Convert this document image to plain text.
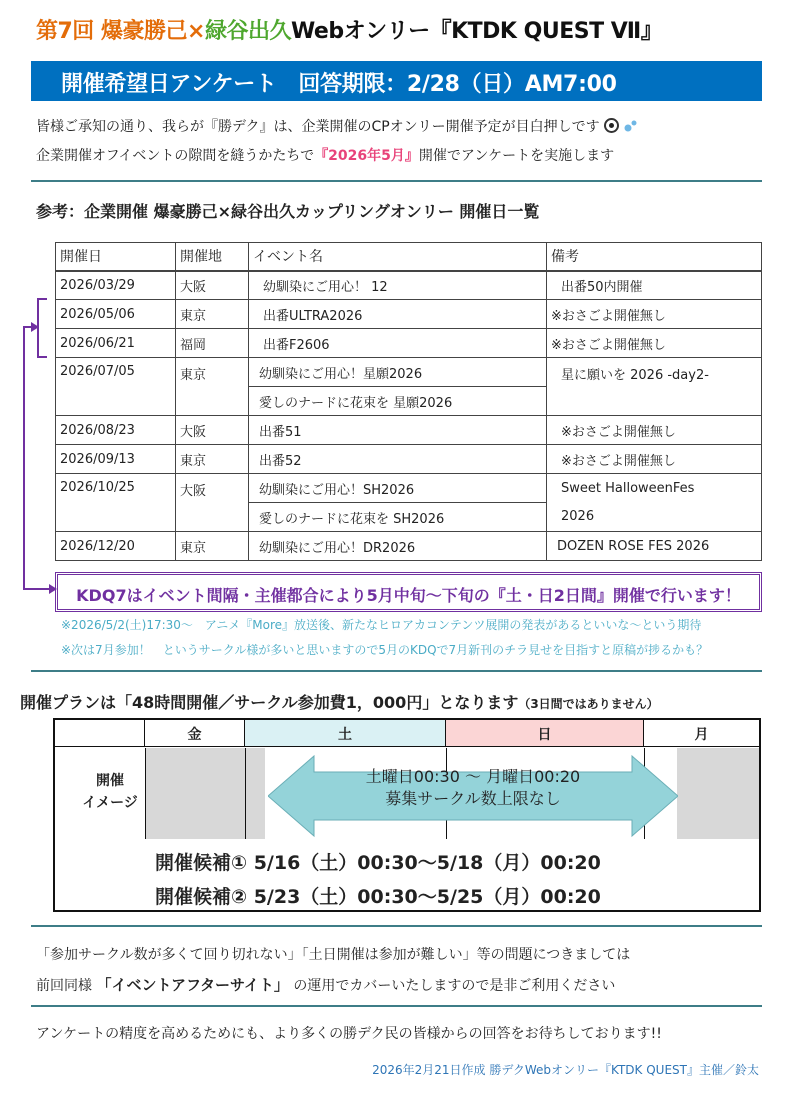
第7回 爆豪勝己×緑谷出久Webオンリー『KTDK QUEST Ⅶ』
開催希望日アンケート　回答期限：2/28（日）AM7:00
皆様ご承知の通り、我らが『勝デク』は、企業開催のCPオンリー開催予定が目白押しです
企業開催オフイベントの隙間を縫うかたちで『2026年5月』開催でアンケートを実施します
参考：企業開催 爆豪勝己×緑谷出久カップリングオンリー 開催日一覧
開催日	開催地	イベント名	備考
2026/03/29	大阪	幼馴染にご用心！ 12	出番50内開催
2026/05/06	東京	出番ULTRA2026	※おさごよ開催無し
2026/06/21	福岡	出番F2606	※おさごよ開催無し
2026/07/05	東京	幼馴染にご用心！星願2026	星に願いを 2026 -day2-
		愛しのナードに花束を 星願2026	
2026/08/23	大阪	出番51	※おさごよ開催無し
2026/09/13	東京	出番52	※おさごよ開催無し
2026/10/25	大阪	幼馴染にご用心！SH2026	Sweet HalloweenFes
		愛しのナードに花束を SH2026	2026
2026/12/20	東京	幼馴染にご用心！DR2026	DOZEN ROSE FES 2026
KDQ7はイベント間隔・主催都合により5月中旬～下旬の『土・日2日間』開催で行います！
※2026/5/2(土)17:30～　アニメ『More』放送後、新たなヒロアカコンテンツ展開の発表があるといいな～という期待
※次は7月参加！　というサークル様が多いと思いますので5月のKDQで7月新刊のチラ見せを目指すと原稿が捗るかも？
開催プランは「48時間開催／サークル参加費1，000円」となります（3日間ではありません）
金	土	日	月
開催
イメージ
土曜日00:30 ～ 月曜日00:20
募集サークル数上限なし
開催候補① 5/16（土）00:30～5/18（月）00:20
開催候補② 5/23（土）00:30～5/25（月）00:20
「参加サークル数が多くて回り切れない」「土日開催は参加が難しい」等の問題につきましては
前回同様 「イベントアフターサイト」 の運用でカバーいたしますので是非ご利用ください
アンケートの精度を高めるためにも、より多くの勝デク民の皆様からの回答をお待ちしております!!
2026年2月21日作成 勝デクWebオンリー『KTDK QUEST』主催／鈴太
